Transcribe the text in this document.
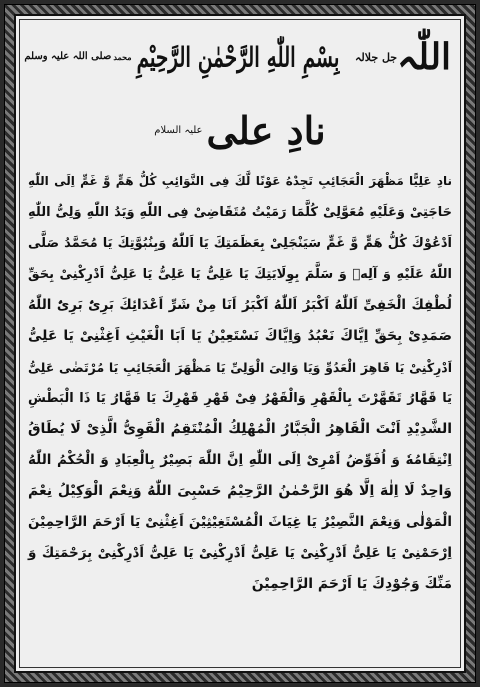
اللّٰہ
جل جلالہ
بِسْمِ اللّٰهِ الرَّحْمٰنِ الرَّحِيْمِ
محمد
صلی اللہ علیہ وسلم
نادِ علی
علیہ السلام
نادِ عَلِیًّا مَظْهَرَ الْعَجَائِبِ تَجِدْهُ عَوْنًا لَّكَ فِی النَّوَائِبِ كُلُّ هَمٍّ وَّ غَمٍّ اِلَی اللّٰهِ
حَاجَتِیْ وَعَلَیْهِ مُعَوَّلِیْ كُلَّمَا رَمَیْتُ مُتَقَاضِیْ فِی اللّٰهِ وَیَدُ اللّٰهِ وَلِیُّ اللّٰهِ
اَدْعُوْكَ كُلُّ هَمٍّ وَّ غَمٍّ سَیَنْجَلِیْ بِعَظَمَتِكَ یَا اَللّٰهُ وَبِنُبُوَّتِكَ یَا مُحَمَّدُ صَلَّی
اللّٰهُ عَلَیْهِ وَ آلِهٖ وَ سَلَّمَ بِوِلَایَتِكَ یَا عَلِیُّ یَا عَلِیُّ یَا عَلِیُّ اَدْرِكْنِیْ بِحَقِّ
لُطْفِكَ الْخَفِیِّ اَللّٰهُ اَكْبَرُ اَللّٰهُ اَكْبَرُ اَنَا مِنْ شَرِّ اَعْدَائِكَ بَرِیٌٔ بَرِیٌٔ اللّٰهُ
صَمَدِیْ بِحَقِّ اِیَّاكَ نَعْبُدُ وَاِیَّاكَ نَسْتَعِیْنُ یَا اَبَا الْغَیْثِ اَغِثْنِیْ یَا عَلِیُّ
اَدْرِكْنِیْ یَا قَاهِرَ الْعَدُوِّ وَیَا وَالِیَ الْوَلِیِّ یَا مَظْهَرَ الْعَجَائِبِ یَا مُرْتَضٰی عَلِیُّ
یَا قَهَّارُ تَقَهَّرْتَ بِالْقَهْرِ وَالْقَهْرُ فِیْ قَهْرِ قَهْرِكَ یَا قَهَّارُ یَا ذَا الْبَطْشِ
الشَّدِیْدِ اَنْتَ الْقَاهِرُ الْجَبَّارُ الْمُهْلِكُ الْمُنْتَقِمُ الْقَوِیُّ الَّذِیْ لَا یُطَاقُ
اِنْتِقَامُهٗ وَ اُفَوِّضُ اَمْرِیْ اِلَی اللّٰهِ اِنَّ اللّٰهَ بَصِیْرٌ بِالْعِبَادِ وَ الْحُكْمُ اللّٰهُ
وَاحِدٌ لَا اِلٰهَ اِلَّا هُوَ الرَّحْمٰنُ الرَّحِیْمُ حَسْبِیَ اللّٰهُ وَنِعْمَ الْوَكِیْلُ نِعْمَ
الْمَوْلٰی وَنِعْمَ النَّصِیْرُ یَا غِیَاثَ الْمُسْتَغِیْثِیْنَ اَغِثْنِیْ یَا اَرْحَمَ الرَّاحِمِیْنَ
اِرْحَمْنِیْ یَا عَلِیُّ اَدْرِكْنِیْ یَا عَلِیُّ اَدْرِكْنِیْ یَا عَلِیُّ اَدْرِكْنِیْ بِرَحْمَتِكَ وَ
مَنِّكَ وَجُوْدِكَ یَا اَرْحَمَ الرَّاحِمِیْنَ
